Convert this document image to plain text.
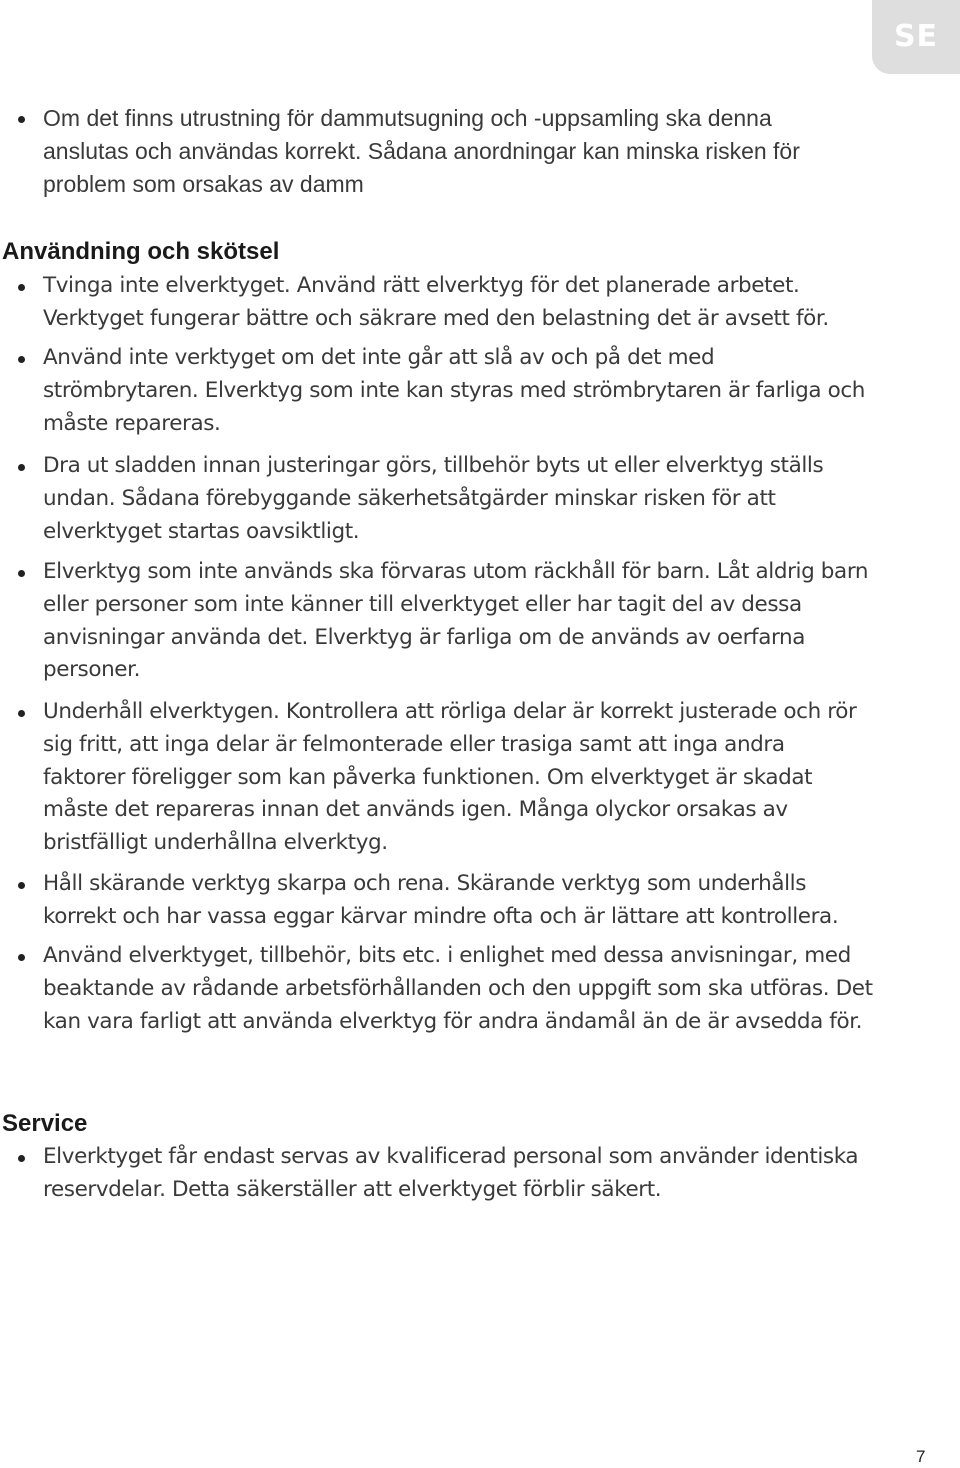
SE

Om det finns utrustning för dammutsugning och -uppsamling ska denna anslutas och användas korrekt. Sådana anordningar kan minska risken för problem som orsakas av damm

Användning och skötsel

Tvinga inte elverktyget. Använd rätt elverktyg för det planerade arbetet. Verktyget fungerar bättre och säkrare med den belastning det är avsett för.

Använd inte verktyget om det inte går att slå av och på det med strömbrytaren. Elverktyg som inte kan styras med strömbrytaren är farliga och måste repareras.

Dra ut sladden innan justeringar görs, tillbehör byts ut eller elverktyg ställs undan. Sådana förebyggande säkerhetsåtgärder minskar risken för att elverktyget startas oavsiktligt.

Elverktyg som inte används ska förvaras utom räckhåll för barn. Låt aldrig barn eller personer som inte känner till elverktyget eller har tagit del av dessa anvisningar använda det. Elverktyg är farliga om de används av oerfarna personer.

Underhåll elverktygen. Kontrollera att rörliga delar är korrekt justerade och rör sig fritt, att inga delar är felmonterade eller trasiga samt att inga andra faktorer föreligger som kan påverka funktionen. Om elverktyget är skadat måste det repareras innan det används igen. Många olyckor orsakas av bristfälligt underhållna elverktyg.

Håll skärande verktyg skarpa och rena. Skärande verktyg som underhålls korrekt och har vassa eggar kärvar mindre ofta och är lättare att kontrollera.

Använd elverktyget, tillbehör, bits etc. i enlighet med dessa anvisningar, med beaktande av rådande arbetsförhållanden och den uppgift som ska utföras. Det kan vara farligt att använda elverktyg för andra ändamål än de är avsedda för.

Service

Elverktyget får endast servas av kvalificerad personal som använder identiska reservdelar. Detta säkerställer att elverktyget förblir säkert.

7
